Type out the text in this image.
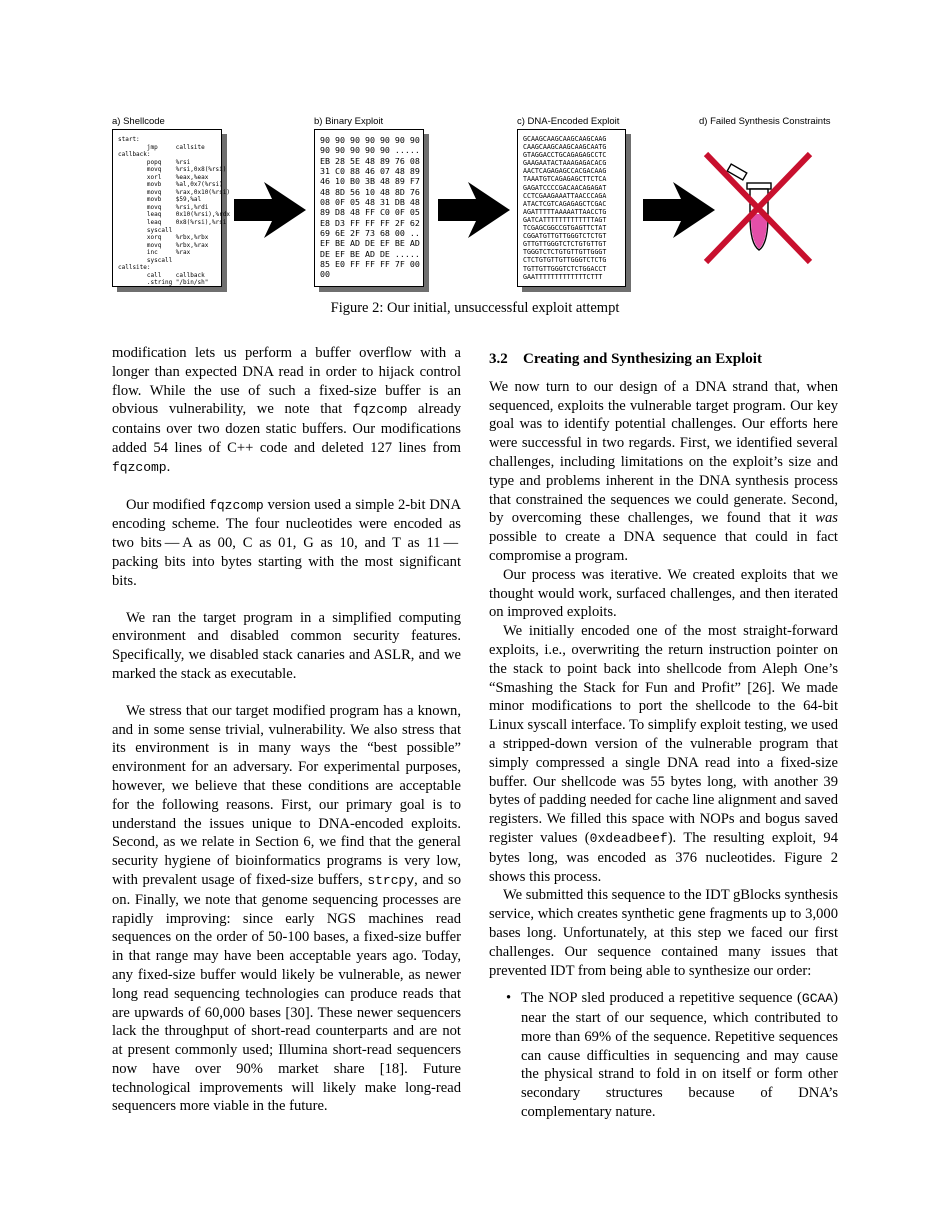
a) Shellcode	b) Binary Exploit	c) DNA-Encoded Exploit	d) Failed Synthesis Constraints
start:
jmp     callsite
callback:
popq    %rsi
movq    %rsi,0x8(%rsi)
xorl    %eax,%eax
movb    %al,0x7(%rsi)
movq    %rax,0x10(%rsi)
movb    $59,%al
movq    %rsi,%rdi
leaq    0x10(%rsi),%rdx
leaq    0x8(%rsi),%rsi
syscall
xorq    %rbx,%rbx
movq    %rbx,%rax
inc     %rax
syscall
callsite:
call    callback
.string "/bin/sh"
90 90 90 90 90 90 90
90 90 90 90 90 .....
EB 28 5E 48 89 76 08
31 C0 88 46 07 48 89
46 10 B0 3B 48 89 F7
48 8D 56 10 48 8D 76
08 0F 05 48 31 DB 48
89 D8 48 FF C0 0F 05
E8 D3 FF FF FF 2F 62
69 6E 2F 73 68 00 ..
EF BE AD DE EF BE AD
DE EF BE AD DE .....
85 E0 FF FF FF 7F 00
00
GCAAGCAAGCAAGCAAGCAAG
CAAGCAAGCAAGCAAGCAATG
GTAGGACCTGCAGAGAGCCTC
GAAGAATACTAAAGAGACACG
AACTCAGAGAGCCACGACAAG
TAAATGTCAGAGAGCTTCTCA
GAGATCCCCGACAACAGAGAT
CCTCGAAGAAATTAACCCAGA
ATACTCGTCAGAGAGCTCGAC
AGATTTTTAAAAATTAACCTG
GATCATTTTTTTTTTTTTAGT
TCGAGCGGCCGTGAGTTCTAT
CGGATGTTGTTGGGTCTCTGT
GTTGTTGGGTCTCTGTGTTGT
TGGGTCTCTGTGTTGTTGGGT
CTCTGTGTTGTTGGGTCTCTG
TGTTGTTGGGTCTCTGGACCT
GAATTTTTTTTTTTTTCTTT
Figure 2: Our initial, unsuccessful exploit attempt

modification lets us perform a buffer overflow with a longer than expected DNA read in order to hijack control flow. While the use of such a fixed-size buffer is an obvious vulnerability, we note that fqzcomp already contains over two dozen static buffers. Our modifications added 54 lines of C++ code and deleted 127 lines from fqzcomp.

Our modified fqzcomp version used a simple 2-bit DNA encoding scheme. The four nucleotides were encoded as two bits — A as 00, C as 01, G as 10, and T as 11 — packing bits into bytes starting with the most significant bits.

We ran the target program in a simplified computing environment and disabled common security features. Specifically, we disabled stack canaries and ASLR, and we marked the stack as executable.

We stress that our target modified program has a known, and in some sense trivial, vulnerability. We also stress that its environment is in many ways the “best possible” environment for an adversary. For experimental purposes, however, we believe that these conditions are acceptable for the following reasons. First, our primary goal is to understand the issues unique to DNA-encoded exploits. Second, as we relate in Section 6, we find that the general security hygiene of bioinformatics programs is very low, with prevalent usage of fixed-size buffers, strcpy, and so on. Finally, we note that genome sequencing processes are rapidly improving: since early NGS machines read sequences on the order of 50-100 bases, a fixed-size buffer in that range may have been acceptable years ago. Today, any fixed-size buffer would likely be vulnerable, as newer long read sequencing technologies can produce reads that are upwards of 60,000 bases [30]. These newer sequencers lack the throughput of short-read counterparts and are not at present commonly used; Illumina short-read sequencers now have over 90% market share [18]. Future technological improvements will likely make long-read sequencers more viable in the future.

3.2 Creating and Synthesizing an Exploit

We now turn to our design of a DNA strand that, when sequenced, exploits the vulnerable target program. Our key goal was to identify potential challenges. Our efforts here were successful in two regards. First, we identified several challenges, including limitations on the exploit’s size and type and problems inherent in the DNA synthesis process that constrained the sequences we could generate. Second, by overcoming these challenges, we found that it was possible to create a DNA sequence that could in fact compromise a program.

Our process was iterative. We created exploits that we thought would work, surfaced challenges, and then iterated on improved exploits.

We initially encoded one of the most straight-forward exploits, i.e., overwriting the return instruction pointer on the stack to point back into shellcode from Aleph One’s “Smashing the Stack for Fun and Profit” [26]. We made minor modifications to port the shellcode to the 64-bit Linux syscall interface. To simplify exploit testing, we used a stripped-down version of the vulnerable program that simply compressed a single DNA read into a fixed-size buffer. Our shellcode was 55 bytes long, with another 39 bytes of padding needed for cache line alignment and saved registers. We filled this space with NOPs and bogus saved register values (0xdeadbeef). The resulting exploit, 94 bytes long, was encoded as 376 nucleotides. Figure 2 shows this process.

We submitted this sequence to the IDT gBlocks synthesis service, which creates synthetic gene fragments up to 3,000 bases long. Unfortunately, at this step we faced our first challenges. Our sequence contained many issues that prevented IDT from being able to synthesize our order:

• The NOP sled produced a repetitive sequence (GCAA) near the start of our sequence, which contributed to more than 69% of the sequence. Repetitive sequences can cause difficulties in sequencing and may cause the physical strand to fold in on itself or form other secondary structures because of DNA’s complementary nature.
